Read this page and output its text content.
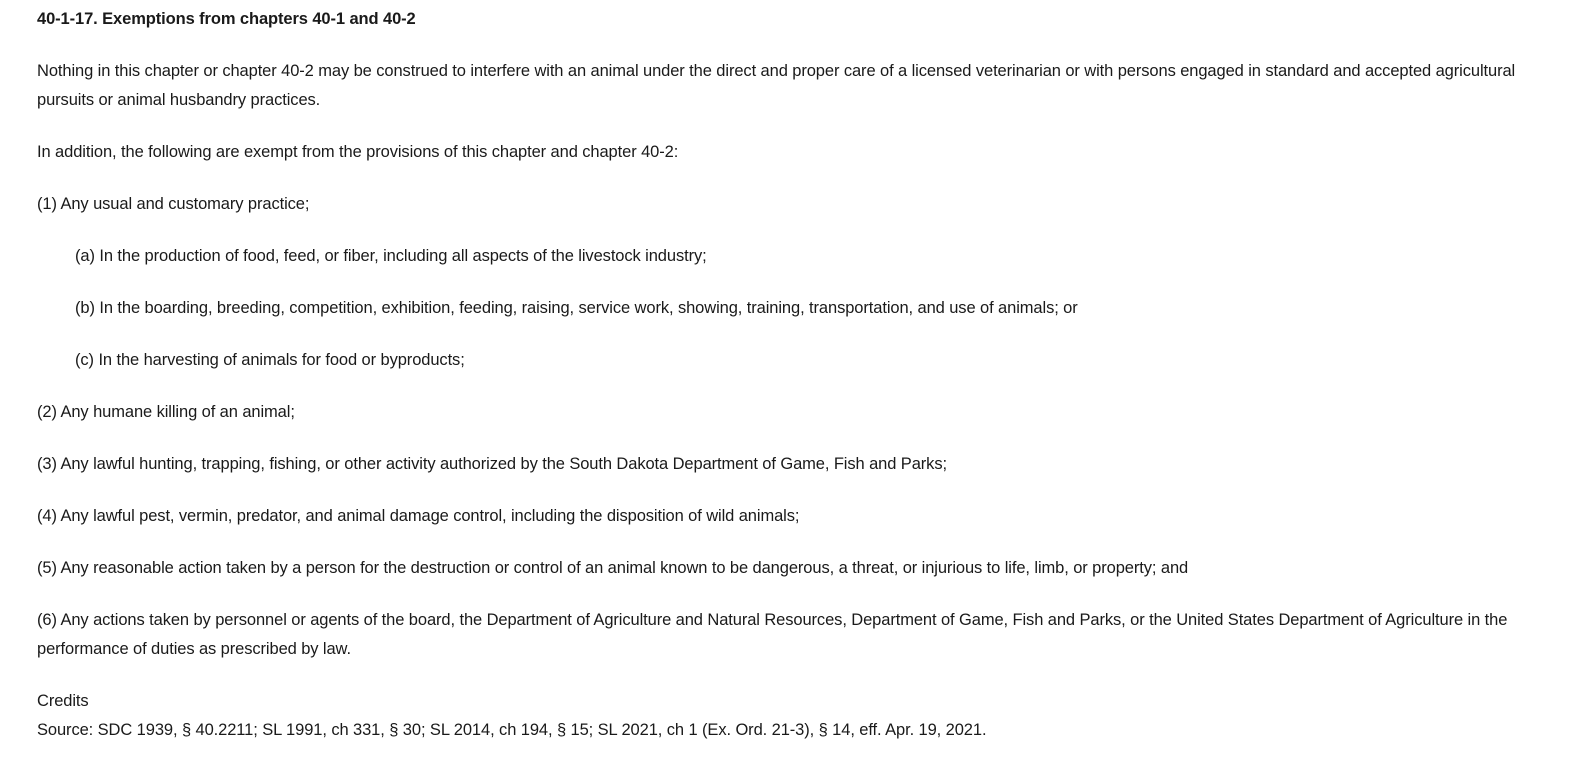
40-1-17. Exemptions from chapters 40-1 and 40-2

Nothing in this chapter or chapter 40-2 may be construed to interfere with an animal under the direct and proper care of a licensed veterinarian or with persons engaged in standard and accepted agricultural pursuits or animal husbandry practices.

In addition, the following are exempt from the provisions of this chapter and chapter 40-2:

(1) Any usual and customary practice;

(a) In the production of food, feed, or fiber, including all aspects of the livestock industry;

(b) In the boarding, breeding, competition, exhibition, feeding, raising, service work, showing, training, transportation, and use of animals; or

(c) In the harvesting of animals for food or byproducts;

(2) Any humane killing of an animal;

(3) Any lawful hunting, trapping, fishing, or other activity authorized by the South Dakota Department of Game, Fish and Parks;

(4) Any lawful pest, vermin, predator, and animal damage control, including the disposition of wild animals;

(5) Any reasonable action taken by a person for the destruction or control of an animal known to be dangerous, a threat, or injurious to life, limb, or property; and

(6) Any actions taken by personnel or agents of the board, the Department of Agriculture and Natural Resources, Department of Game, Fish and Parks, or the United States Department of Agriculture in the performance of duties as prescribed by law.

Credits

Source: SDC 1939, § 40.2211; SL 1991, ch 331, § 30; SL 2014, ch 194, § 15; SL 2021, ch 1 (Ex. Ord. 21-3), § 14, eff. Apr. 19, 2021.
